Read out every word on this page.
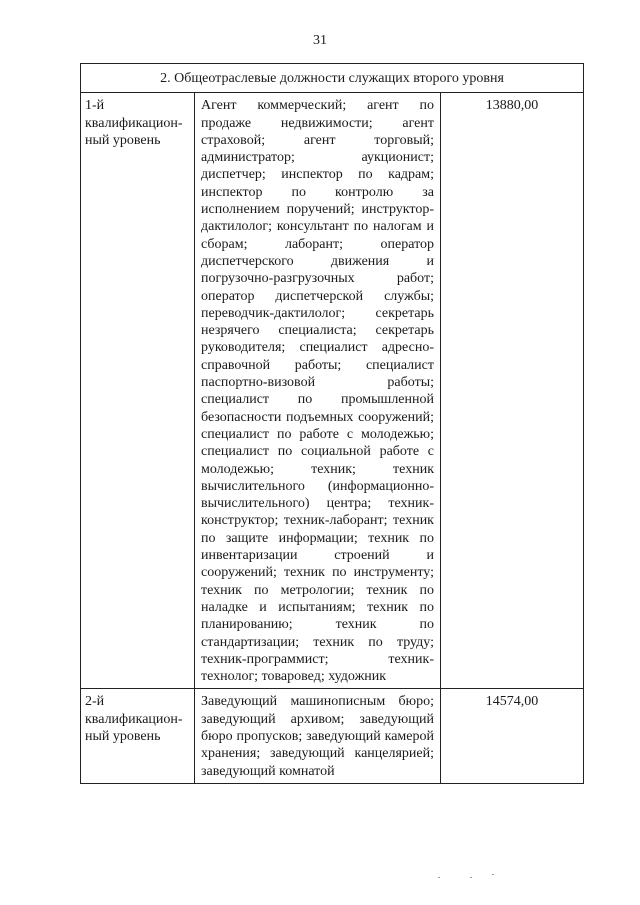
31
2. Общеотраслевые должности служащих второго уровня		
1-й квалификацион-ный уровень	Агент коммерческий; агент по продаже недвижимости; агент страховой; агент торговый; администратор; аукционист; диспетчер; инспектор по кадрам; инспектор по контролю за исполнением поручений; инструктор-дактилолог; консультант по налогам и сборам; лаборант; оператор диспетчерского движения и погрузочно-разгрузочных работ; оператор диспетчерской службы; переводчик-дактилолог; секретарь незрячего специалиста; секретарь руководителя; специалист адресно-справочной работы; специалист паспортно-визовой работы; специалист по промышленной безопасности подъемных сооружений; специалист по работе с молодежью; специалист по социальной работе с молодежью; техник; техник вычислительного (информационно-вычислительного) центра; техник-конструктор; техник-лаборант; техник по защите информации; техник по инвентаризации строений и сооружений; техник по инструменту; техник по метрологии; техник по наладке и испытаниям; техник по планированию; техник по стандартизации; техник по труду; техник-программист; техник-технолог; товаровед; художник	13880,00
2-й квалификацион-ный уровень	Заведующий машинописным бюро; заведующий архивом; заведующий бюро пропусков; заведующий камерой хранения; заведующий канцелярией; заведующий комнатой	14574,00
